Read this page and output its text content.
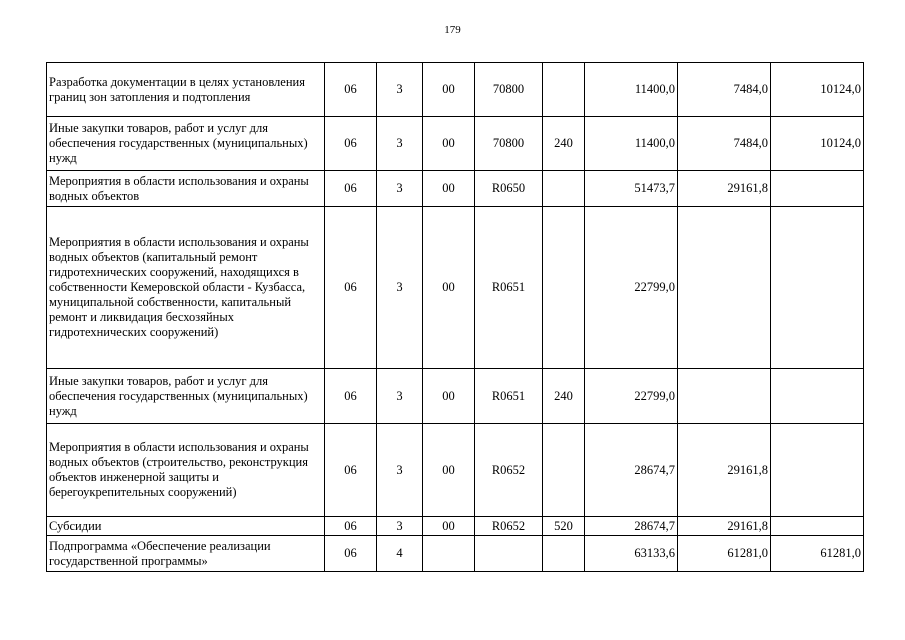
179
Разработка документации в целях установления границ зон затопления и подтопления	06	3	00	70800		11400,0	7484,0	10124,0
Иные закупки товаров, работ и услуг для обеспечения государственных (муниципальных) нужд	06	3	00	70800	240	11400,0	7484,0	10124,0
Мероприятия в области использования и охраны водных объектов	06	3	00	R0650		51473,7	29161,8	
Мероприятия в области использования и охраны водных объектов (капитальный ремонт гидротехнических сооружений, находящихся в собственности Кемеровской области - Кузбасса, муниципальной собственности, капитальный ремонт и ликвидация бесхозяйных гидротехнических сооружений)	06	3	00	R0651		22799,0		
Иные закупки товаров, работ и услуг для обеспечения государственных (муниципальных) нужд	06	3	00	R0651	240	22799,0		
Мероприятия в области использования и охраны водных объектов (строительство, реконструкция объектов инженерной защиты и берегоукрепительных сооружений)	06	3	00	R0652		28674,7	29161,8	
Субсидии	06	3	00	R0652	520	28674,7	29161,8	
Подпрограмма «Обеспечение реализации государственной программы»	06	4				63133,6	61281,0	61281,0
